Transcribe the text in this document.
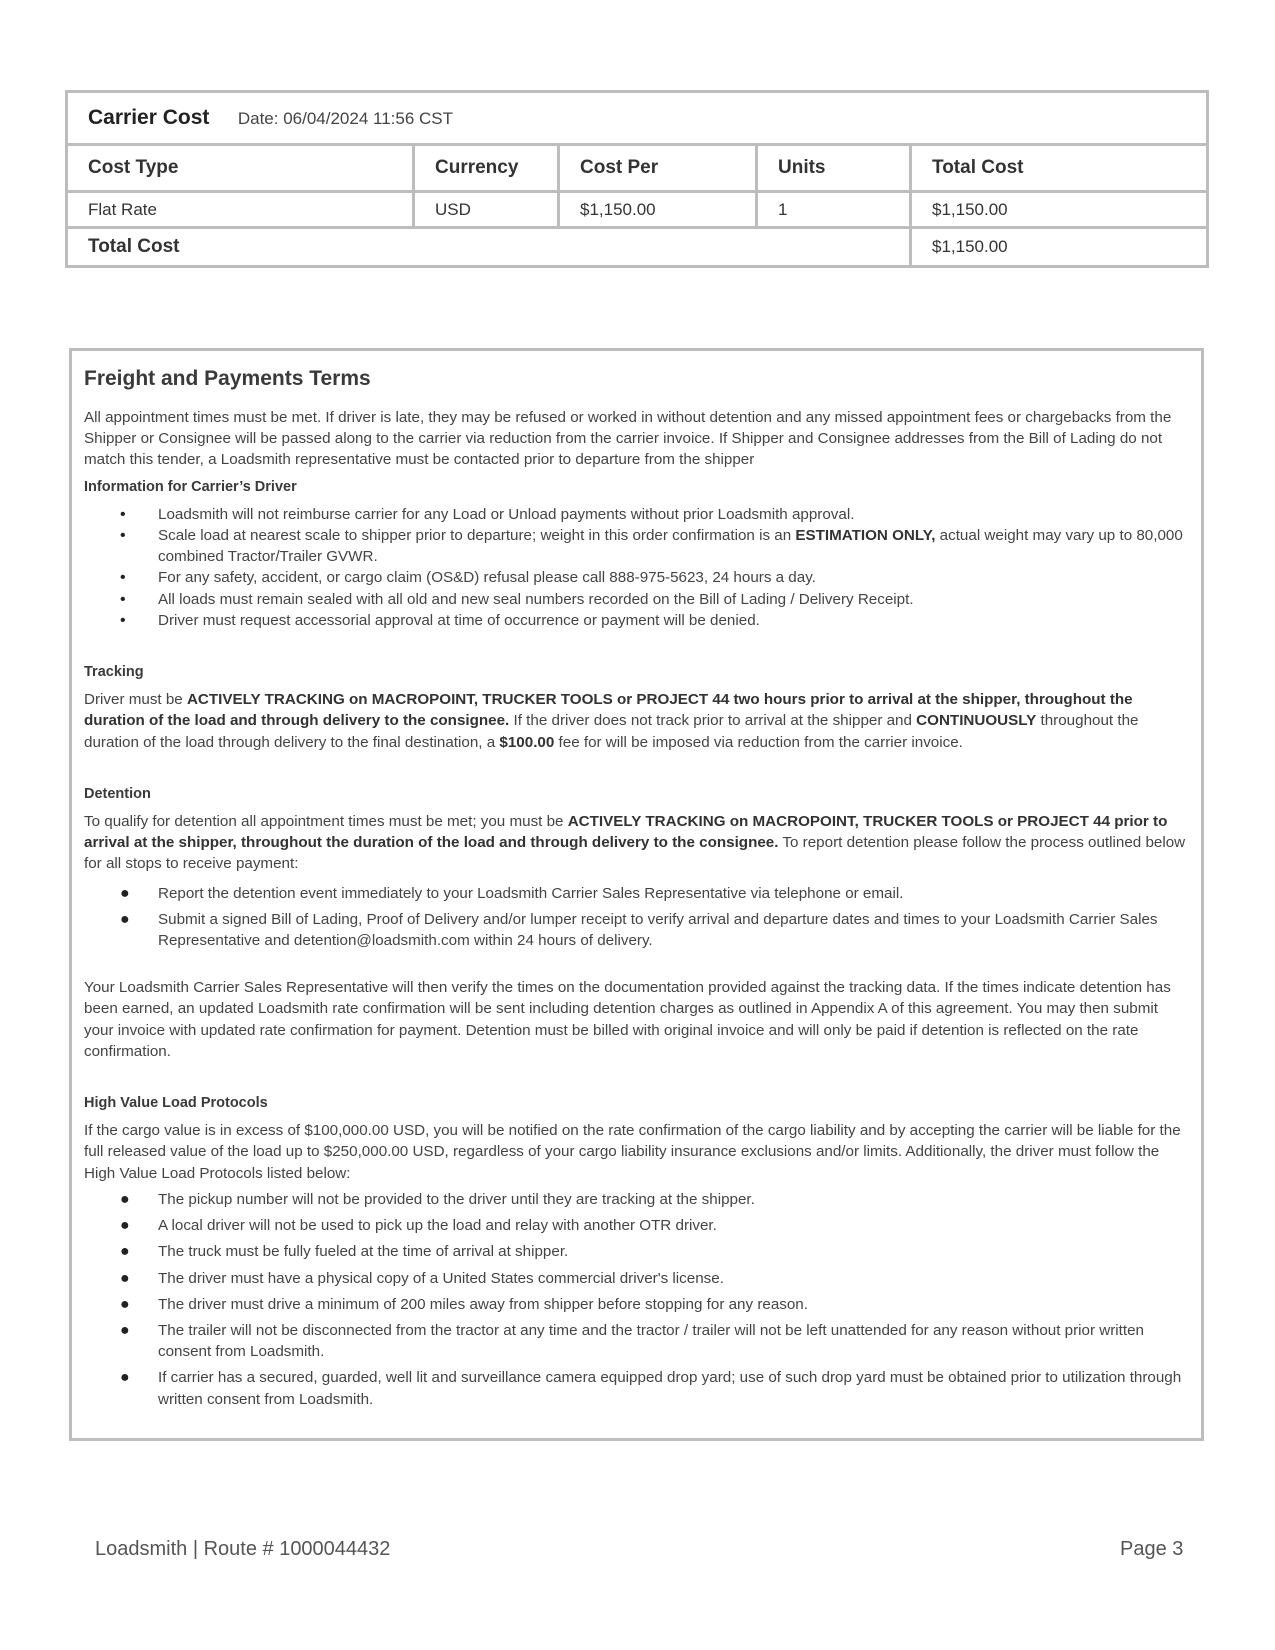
Carrier Cost Date: 06/04/2024 11:56 CST				
Cost Type	Currency	Cost Per	Units	Total Cost
Flat Rate	USD	$1,150.00	1	$1,150.00
Total Cost				$1,150.00
Freight and Payments Terms

All appointment times must be met. If driver is late, they may be refused or worked in without detention and any missed appointment fees or chargebacks from the Shipper or Consignee will be passed along to the carrier via reduction from the carrier invoice. If Shipper and Consignee addresses from the Bill of Lading do not match this tender, a Loadsmith representative must be contacted prior to departure from the shipper

Information for Carrier’s Driver
• Loadsmith will not reimburse carrier for any Load or Unload payments without prior Loadsmith approval.
• Scale load at nearest scale to shipper prior to departure; weight in this order confirmation is an ESTIMATION ONLY, actual weight may vary up to 80,000 combined Tractor/Trailer GVWR.
• For any safety, accident, or cargo claim (OS&D) refusal please call 888-975-5623, 24 hours a day.
• All loads must remain sealed with all old and new seal numbers recorded on the Bill of Lading / Delivery Receipt.
• Driver must request accessorial approval at time of occurrence or payment will be denied.
Tracking

Driver must be ACTIVELY TRACKING on MACROPOINT, TRUCKER TOOLS or PROJECT 44 two hours prior to arrival at the shipper, throughout the duration of the load and through delivery to the consignee. If the driver does not track prior to arrival at the shipper and CONTINUOUSLY throughout the duration of the load through delivery to the final destination, a $100.00 fee for will be imposed via reduction from the carrier invoice.

Detention

To qualify for detention all appointment times must be met; you must be ACTIVELY TRACKING on MACROPOINT, TRUCKER TOOLS or PROJECT 44 prior to arrival at the shipper, throughout the duration of the load and through delivery to the consignee. To report detention please follow the process outlined below for all stops to receive payment:

● Report the detention event immediately to your Loadsmith Carrier Sales Representative via telephone or email.
● Submit a signed Bill of Lading, Proof of Delivery and/or lumper receipt to verify arrival and departure dates and times to your Loadsmith Carrier Sales Representative and detention@loadsmith.com within 24 hours of delivery.

Your Loadsmith Carrier Sales Representative will then verify the times on the documentation provided against the tracking data. If the times indicate detention has been earned, an updated Loadsmith rate confirmation will be sent including detention charges as outlined in Appendix A of this agreement. You may then submit your invoice with updated rate confirmation for payment. Detention must be billed with original invoice and will only be paid if detention is reflected on the rate confirmation.

High Value Load Protocols

If the cargo value is in excess of $100,000.00 USD, you will be notified on the rate confirmation of the cargo liability and by accepting the carrier will be liable for the full released value of the load up to $250,000.00 USD, regardless of your cargo liability insurance exclusions and/or limits. Additionally, the driver must follow the High Value Load Protocols listed below:

● The pickup number will not be provided to the driver until they are tracking at the shipper.
● A local driver will not be used to pick up the load and relay with another OTR driver.
● The truck must be fully fueled at the time of arrival at shipper.
● The driver must have a physical copy of a United States commercial driver's license.
● The driver must drive a minimum of 200 miles away from shipper before stopping for any reason.
● The trailer will not be disconnected from the tractor at any time and the tractor / trailer will not be left unattended for any reason without prior written consent from Loadsmith.
● If carrier has a secured, guarded, well lit and surveillance camera equipped drop yard; use of such drop yard must be obtained prior to utilization through written consent from Loadsmith.
Loadsmith | Route # 1000044432	Page 3
